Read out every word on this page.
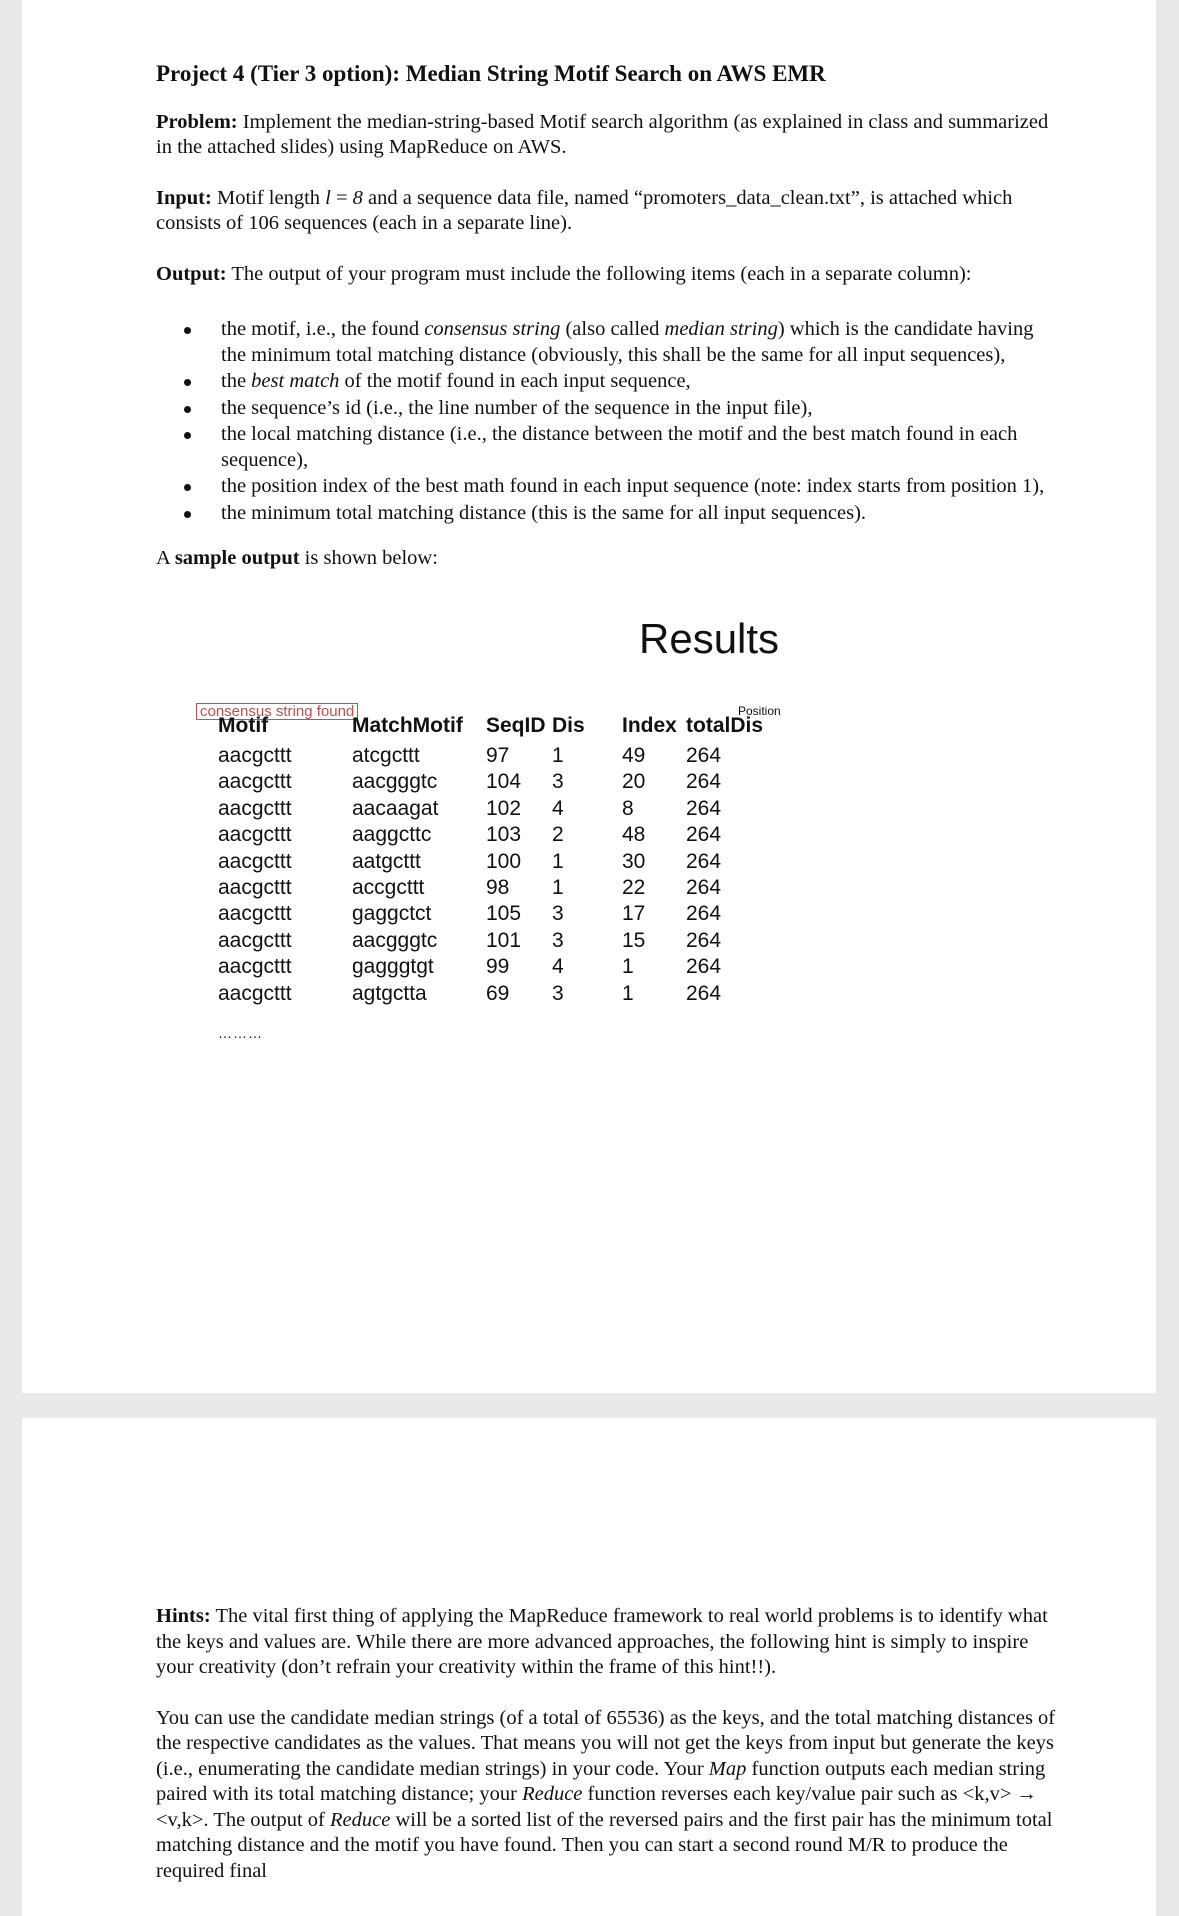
Project 4 (Tier 3 option): Median String Motif Search on AWS EMR

Problem: Implement the median-string-based Motif search algorithm (as explained in class and summarized in the attached slides) using MapReduce on AWS.

Input: Motif length l = 8 and a sequence data file, named “promoters_data_clean.txt”, is attached which consists of 106 sequences (each in a separate line).

Output: The output of your program must include the following items (each in a separate column):

the motif, i.e., the found consensus string (also called median string) which is the candidate having the minimum total matching distance (obviously, this shall be the same for all input sequences),
the best match of the motif found in each input sequence,
the sequence’s id (i.e., the line number of the sequence in the input file),
the local matching distance (i.e., the distance between the motif and the best match found in each sequence),
the position index of the best math found in each input sequence (note: index starts from position 1),
the minimum total matching distance (this is the same for all input sequences).

A sample output is shown below:

Results
consensus string found	Position
Motif	MatchMotif SeqID Dis Index totalDis
aacgcttt	atcgcttt	97 1	49 264
aacgcttt	aacgggtc 104 3	20 264
aacgcttt	aacaagat 102 4	8 264
aacgcttt	aaggcttc	103 2	48 264
aacgcttt	aatgcttt	100 1	30 264
aacgcttt	accgcttt	98 1	22 264
aacgcttt	gaggctct	105 3	17 264
aacgcttt	aacgggtc 101 3	15 264
aacgcttt	gagggtgt 99 4	1 264
aacgcttt	agtgctta	69 3	1 264
………

Hints: The vital first thing of applying the MapReduce framework to real world problems is to identify what the keys and values are. While there are more advanced approaches, the following hint is simply to inspire your creativity (don’t refrain your creativity within the frame of this hint!!).

You can use the candidate median strings (of a total of 65536) as the keys, and the total matching distances of the respective candidates as the values. That means you will not get the keys from input but generate the keys (i.e., enumerating the candidate median strings) in your code. Your Map function outputs each median string paired with its total matching distance; your Reduce function reverses each key/value pair such as <k,v> → <v,k>. The output of Reduce will be a sorted list of the reversed pairs and the first pair has the minimum total matching distance and the motif you have found. Then you can start a second round M/R to produce the required final
